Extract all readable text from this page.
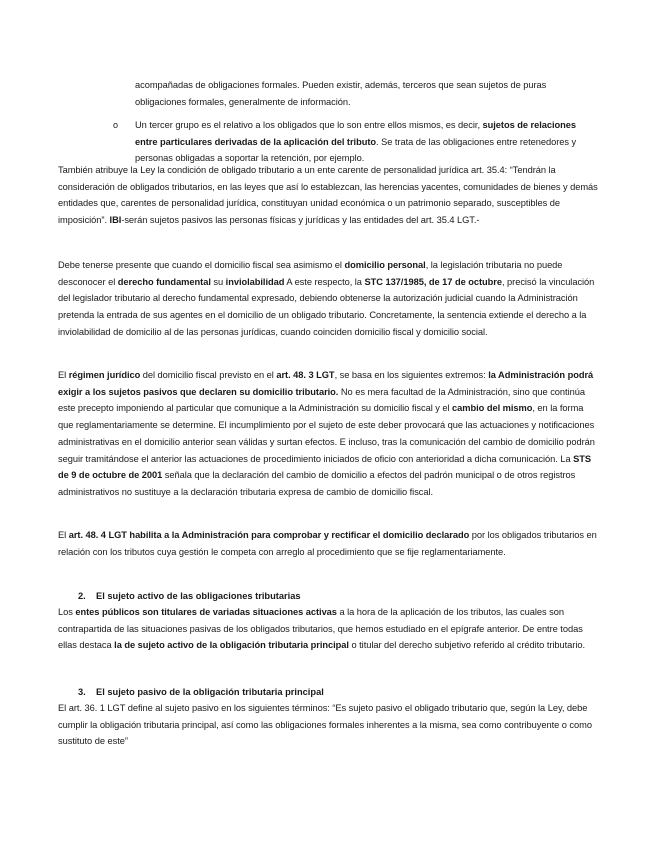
acompañadas de obligaciones formales. Pueden existir, además, terceros que sean sujetos de puras
obligaciones formales, generalmente de información.

o Un tercer grupo es el relativo a los obligados que lo son entre ellos mismos, es decir, sujetos de relaciones entre particulares derivadas de la aplicación del tributo. Se trata de las obligaciones entre retenedores y personas obligadas a soportar la retención, por ejemplo.

También atribuye la Ley la condición de obligado tributario a un ente carente de personalidad jurídica art. 35.4: “Tendrán la consideración de obligados tributarios, en las leyes que así lo establezcan, las herencias yacentes, comunidades de bienes y demás entidades que, carentes de personalidad jurídica, constituyan unidad económica o un patrimonio separado, susceptibles de imposición”. IBI-serán sujetos pasivos las personas físicas y jurídicas y las entidades del art. 35.4 LGT.-

Debe tenerse presente que cuando el domicilio fiscal sea asimismo el domicilio personal, la legislación tributaria no puede desconocer el derecho fundamental su inviolabilidad A este respecto, la STC 137/1985, de 17 de octubre, precisó la vinculación del legislador tributario al derecho fundamental expresado, debiendo obtenerse la autorización judicial cuando la Administración pretenda la entrada de sus agentes en el domicilio de un obligado tributario. Concretamente, la sentencia extiende el derecho a la inviolabilidad de domicilio al de las personas jurídicas, cuando coinciden domicilio fiscal y domicilio social.

El régimen jurídico del domicilio fiscal previsto en el art. 48. 3 LGT, se basa en los siguientes extremos: la Administración podrá exigir a los sujetos pasivos que declaren su domicilio tributario. No es mera facultad de la Administración, sino que continúa este precepto imponiendo al particular que comunique a la Administración su domicilio fiscal y el cambio del mismo, en la forma que reglamentariamente se determine. El incumplimiento por el sujeto de este deber provocará que las actuaciones y notificaciones administrativas en el domicilio anterior sean válidas y surtan efectos. E incluso, tras la comunicación del cambio de domicilio podrán seguir tramitándose el anterior las actuaciones de procedimiento iniciados de oficio con anterioridad a dicha comunicación. La STS de 9 de octubre de 2001 señala que la declaración del cambio de domicilio a efectos del padrón municipal o de otros registros administrativos no sustituye a la declaración tributaria expresa de cambio de domicilio fiscal.

El art. 48. 4 LGT habilita a la Administración para comprobar y rectificar el domicilio declarado por los obligados tributarios en relación con los tributos cuya gestión le competa con arreglo al procedimiento que se fije reglamentariamente.

2. El sujeto activo de las obligaciones tributarias

Los entes públicos son titulares de variadas situaciones activas a la hora de la aplicación de los tributos, las cuales son contrapartida de las situaciones pasivas de los obligados tributarios, que hemos estudiado en el epígrafe anterior. De entre todas ellas destaca la de sujeto activo de la obligación tributaria principal o titular del derecho subjetivo referido al crédito tributario.

3. El sujeto pasivo de la obligación tributaria principal

El art. 36. 1 LGT define al sujeto pasivo en los siguientes términos: “Es sujeto pasivo el obligado tributario que, según la Ley, debe cumplir la obligación tributaria principal, así como las obligaciones formales inherentes a la misma, sea como contribuyente o como sustituto de este”
